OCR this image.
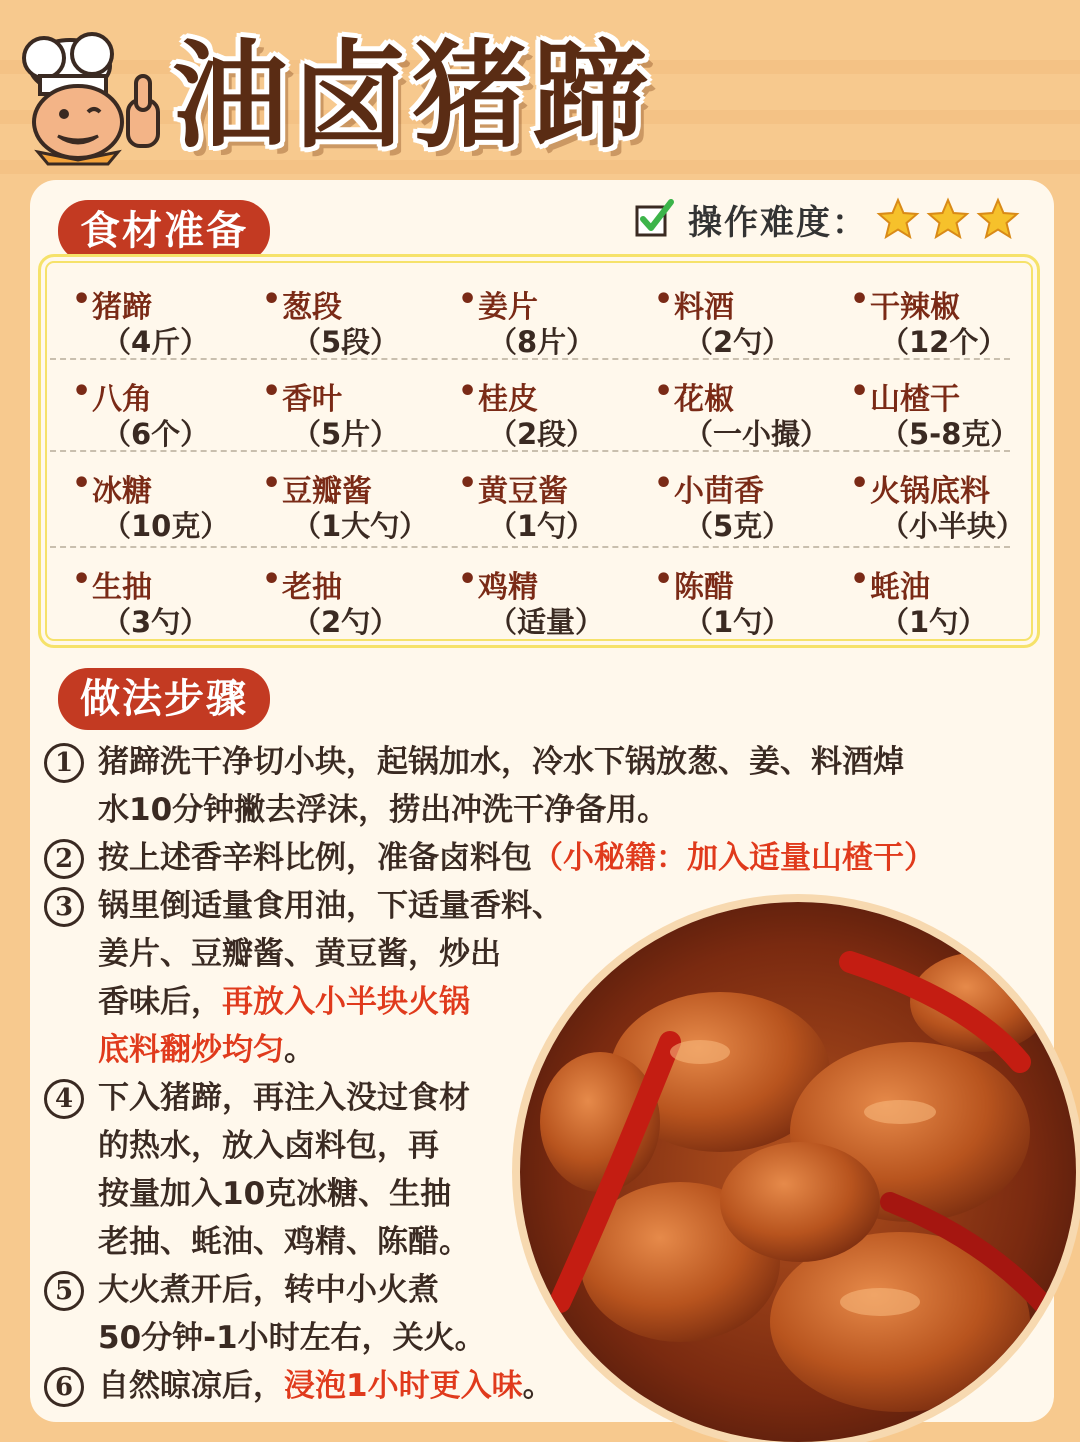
油卤猪蹄
食材准备	操作难度：
• 猪蹄
（4斤）
• 葱段
（5段）
• 姜片
（8片）
• 料酒
（2勺）
• 干辣椒
（12个）
• 八角
（6个）
• 香叶
（5片）
• 桂皮
（2段）
• 花椒
（一小撮）
• 山楂干
（5-8克）
• 冰糖
（10克）
• 豆瓣酱
（1大勺）
• 黄豆酱
（1勺）
• 小茴香
（5克）
• 火锅底料
（小半块）
• 生抽
（3勺）
• 老抽
（2勺）
• 鸡精
（适量）
• 陈醋
（1勺）
• 蚝油
（1勺）
做法步骤
1 猪蹄洗干净切小块，起锅加水，冷水下锅放葱、姜、料酒焯
水10分钟撇去浮沫，捞出冲洗干净备用。
2 按上述香辛料比例，准备卤料包（小秘籍：加入适量山楂干）
3 锅里倒适量食用油，下适量香料、
姜片、豆瓣酱、黄豆酱，炒出
香味后，再放入小半块火锅
底料翻炒均匀。
4 下入猪蹄，再注入没过食材
的热水，放入卤料包，再
按量加入10克冰糖、生抽
老抽、蚝油、鸡精、陈醋。
5 大火煮开后，转中小火煮
50分钟-1小时左右，关火。
6 自然晾凉后，浸泡1小时更入味。
